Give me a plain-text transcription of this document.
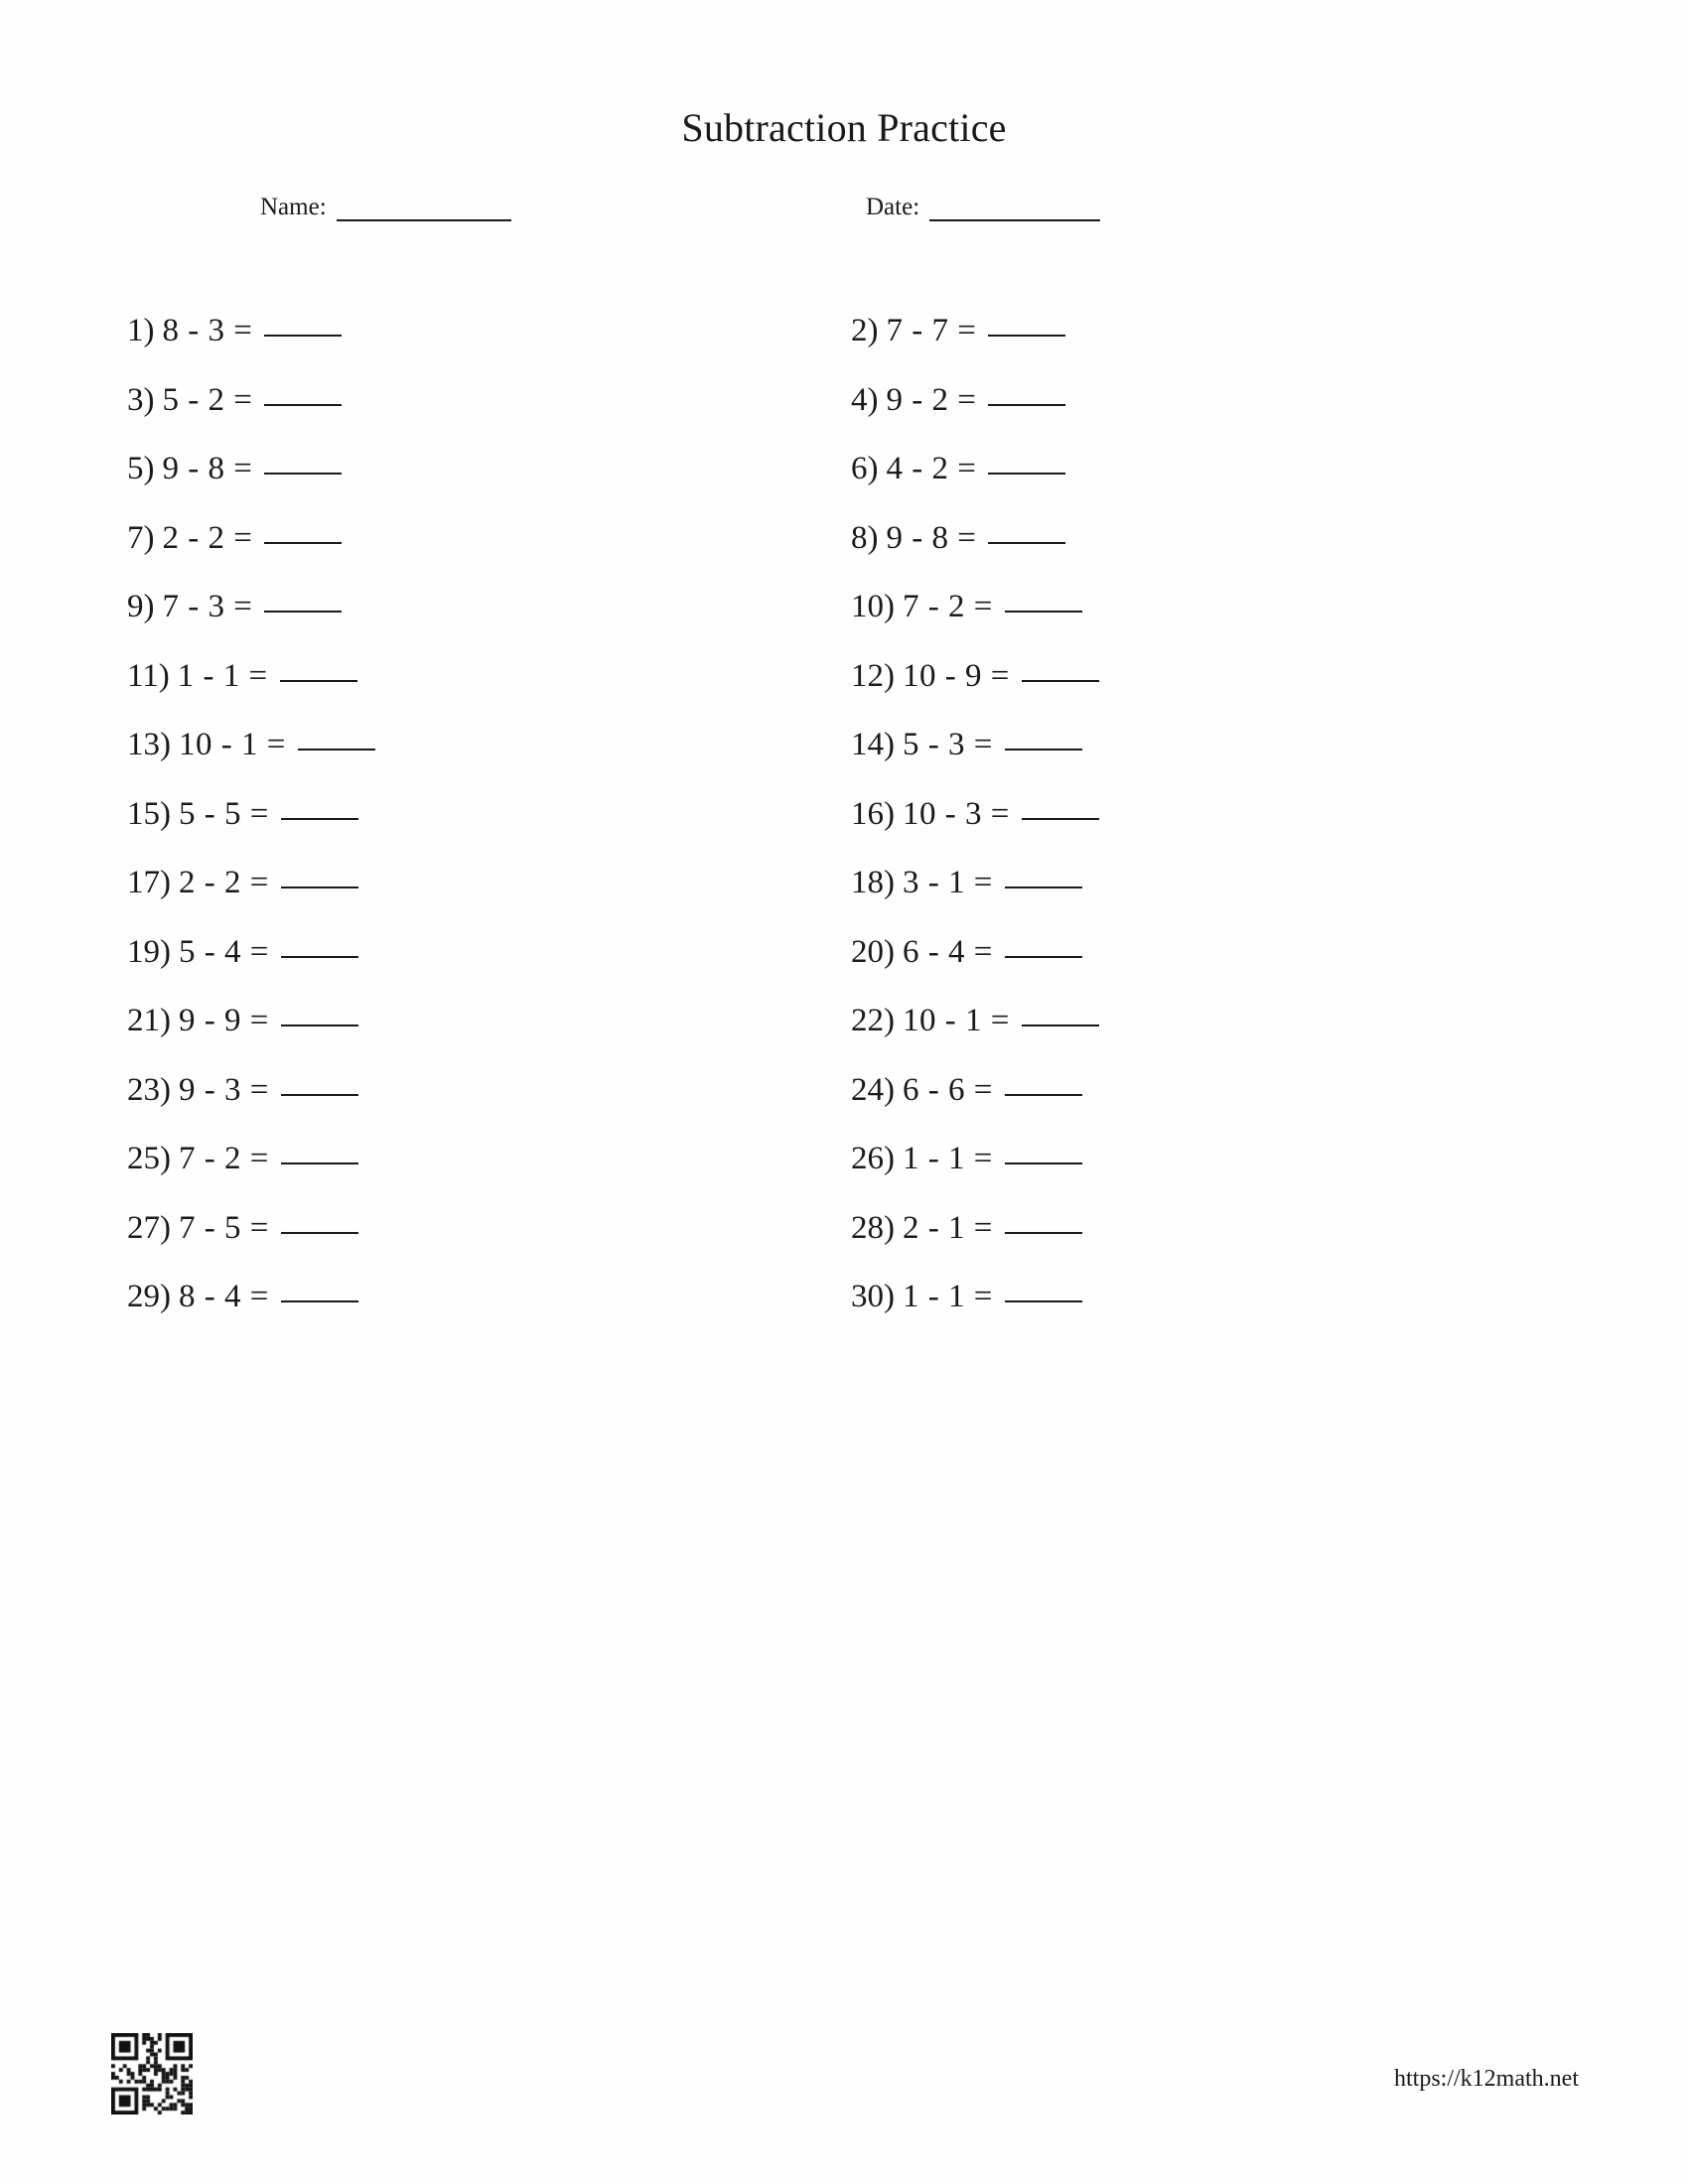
Subtraction Practice
Name:	Date:
1) 8 - 3 =
3) 5 - 2 =
5) 9 - 8 =
7) 2 - 2 =
9) 7 - 3 =
11) 1 - 1 =
13) 10 - 1 =
15) 5 - 5 =
17) 2 - 2 =
19) 5 - 4 =
21) 9 - 9 =
23) 9 - 3 =
25) 7 - 2 =
27) 7 - 5 =
29) 8 - 4 =
2) 7 - 7 =
4) 9 - 2 =
6) 4 - 2 =
8) 9 - 8 =
10) 7 - 2 =
12) 10 - 9 =
14) 5 - 3 =
16) 10 - 3 =
18) 3 - 1 =
20) 6 - 4 =
22) 10 - 1 =
24) 6 - 6 =
26) 1 - 1 =
28) 2 - 1 =
30) 1 - 1 =
https://k12math.net
